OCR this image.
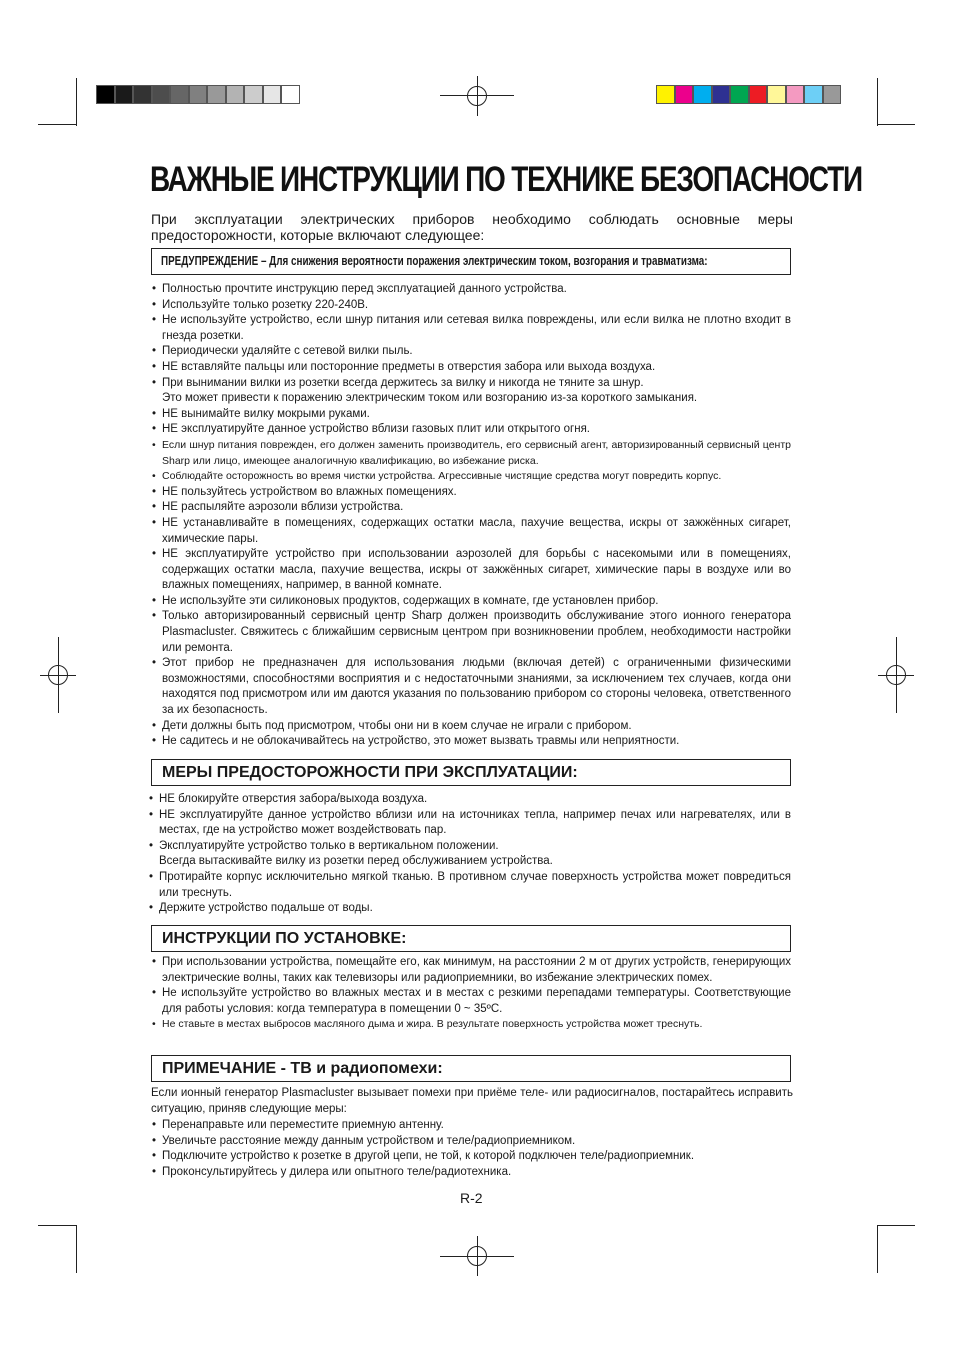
ВАЖНЫЕ ИНСТРУКЦИИ ПО ТЕХНИКЕ БЕЗОПАСНОСТИ
При эксплуатации электрических приборов необходимо соблюдать основные меры предосторожности, которые включают следующее:
ПРЕДУПРЕЖДЕНИЕ – Для снижения вероятности поражения электрическим током, возгорания и травматизма:
• Полностью прочтите инструкцию перед эксплуатацией данного устройства.
• Используйте только розетку 220-240В.
• Не используйте устройство, если шнур питания или сетевая вилка повреждены, или если вилка не плотно входит в гнезда розетки.
• Периодически удаляйте с сетевой вилки пыль.
• НЕ вставляйте пальцы или посторонние предметы в отверстия забора или выхода воздуха.
• При вынимании вилки из розетки всегда держитесь за вилку и никогда не тяните за шнур.
Это может привести к поражению электрическим током или возгоранию из-за короткого замыкания.
• НЕ вынимайте вилку мокрыми руками.
• НЕ эксплуатируйте данное устройство вблизи газовых плит или открытого огня.
• Если шнур питания поврежден, его должен заменить производитель, его сервисный агент, авторизированный сервисный центр Sharp или лицо, имеющее аналогичную квалификацию, во избежание риска.
• Соблюдайте осторожность во время чистки устройства. Агрессивные чистящие средства могут повредить корпус.
• НЕ пользуйтесь устройством во влажных помещениях.
• НЕ распыляйте аэрозоли вблизи устройства.
• НЕ устанавливайте в помещениях, содержащих остатки масла, пахучие вещества, искры от зажжённых сигарет, химические пары.
• НЕ эксплуатируйте устройство при использовании аэрозолей для борьбы с насекомыми или в помещениях, содержащих остатки масла, пахучие вещества, искры от зажжённых сигарет, химические пары в воздухе или во влажных помещениях, например, в ванной комнате.
• Не используйте эти силиконовых продуктов, содержащих в комнате, где установлен прибор.
• Только авторизированный сервисный центр Sharp должен производить обслуживание этого ионного генератора Plasmacluster. Свяжитесь с ближайшим сервисным центром при возникновении проблем, необходимости настройки или ремонта.
• Этот прибор не предназначен для использования людьми (включая детей) с ограниченными физическими возможностями, способностями восприятия и с недостаточными знаниями, за исключением тех случаев, когда они находятся под присмотром или им даются указания по пользованию прибором со стороны человека, ответственного за их безопасность.
• Дети должны быть под присмотром, чтобы они ни в коем случае не играли с прибором.
• Не садитесь и не облокачивайтесь на устройство, это может вызвать травмы или неприятности.
МЕРЫ ПРЕДОСТОРОЖНОСТИ ПРИ ЭКСПЛУАТАЦИИ:
• НЕ блокируйте отверстия забора/выхода воздуха.
• НЕ эксплуатируйте данное устройство вблизи или на источниках тепла, например печах или нагревателях, или в местах, где на устройство может воздействовать пар.
• Эксплуатируйте устройство только в вертикальном положении.
Всегда вытаскивайте вилку из розетки перед обслуживанием устройства.
• Протирайте корпус исключительно мягкой тканью. В противном случае поверхность устройства может повредиться или треснуть.
• Держите устройство подальше от воды.
ИНСТРУКЦИИ ПО УСТАНОВКЕ:
• При использовании устройства, помещайте его, как минимум, на расстоянии 2 м от других устройств, генерирующих электрические волны, таких как телевизоры или радиоприемники, во избежание электрических помех.
• Не используйте устройство во влажных местах и в местах с резкими перепадами температуры. Соответствующие для работы условия: когда температура в помещении 0 ~ 35ºC.
• Не ставьте в местах выбросов масляного дыма и жира. В результате поверхность устройства может треснуть.
ПРИМЕЧАНИЕ - ТВ и радиопомехи:
Если ионный генератор Plasmacluster вызывает помехи при приёме теле- или радиосигналов, постарайтесь исправить ситуацию, приняв следующие меры:
• Перенаправьте или переместите приемную антенну.
• Увеличьте расстояние между данным устройством и теле/радиоприемником.
• Подключите устройство к розетке в другой цепи, не той, к которой подключен теле/радиоприемник.
• Проконсультируйтесь у дилера или опытного теле/радиотехника.
R-2
